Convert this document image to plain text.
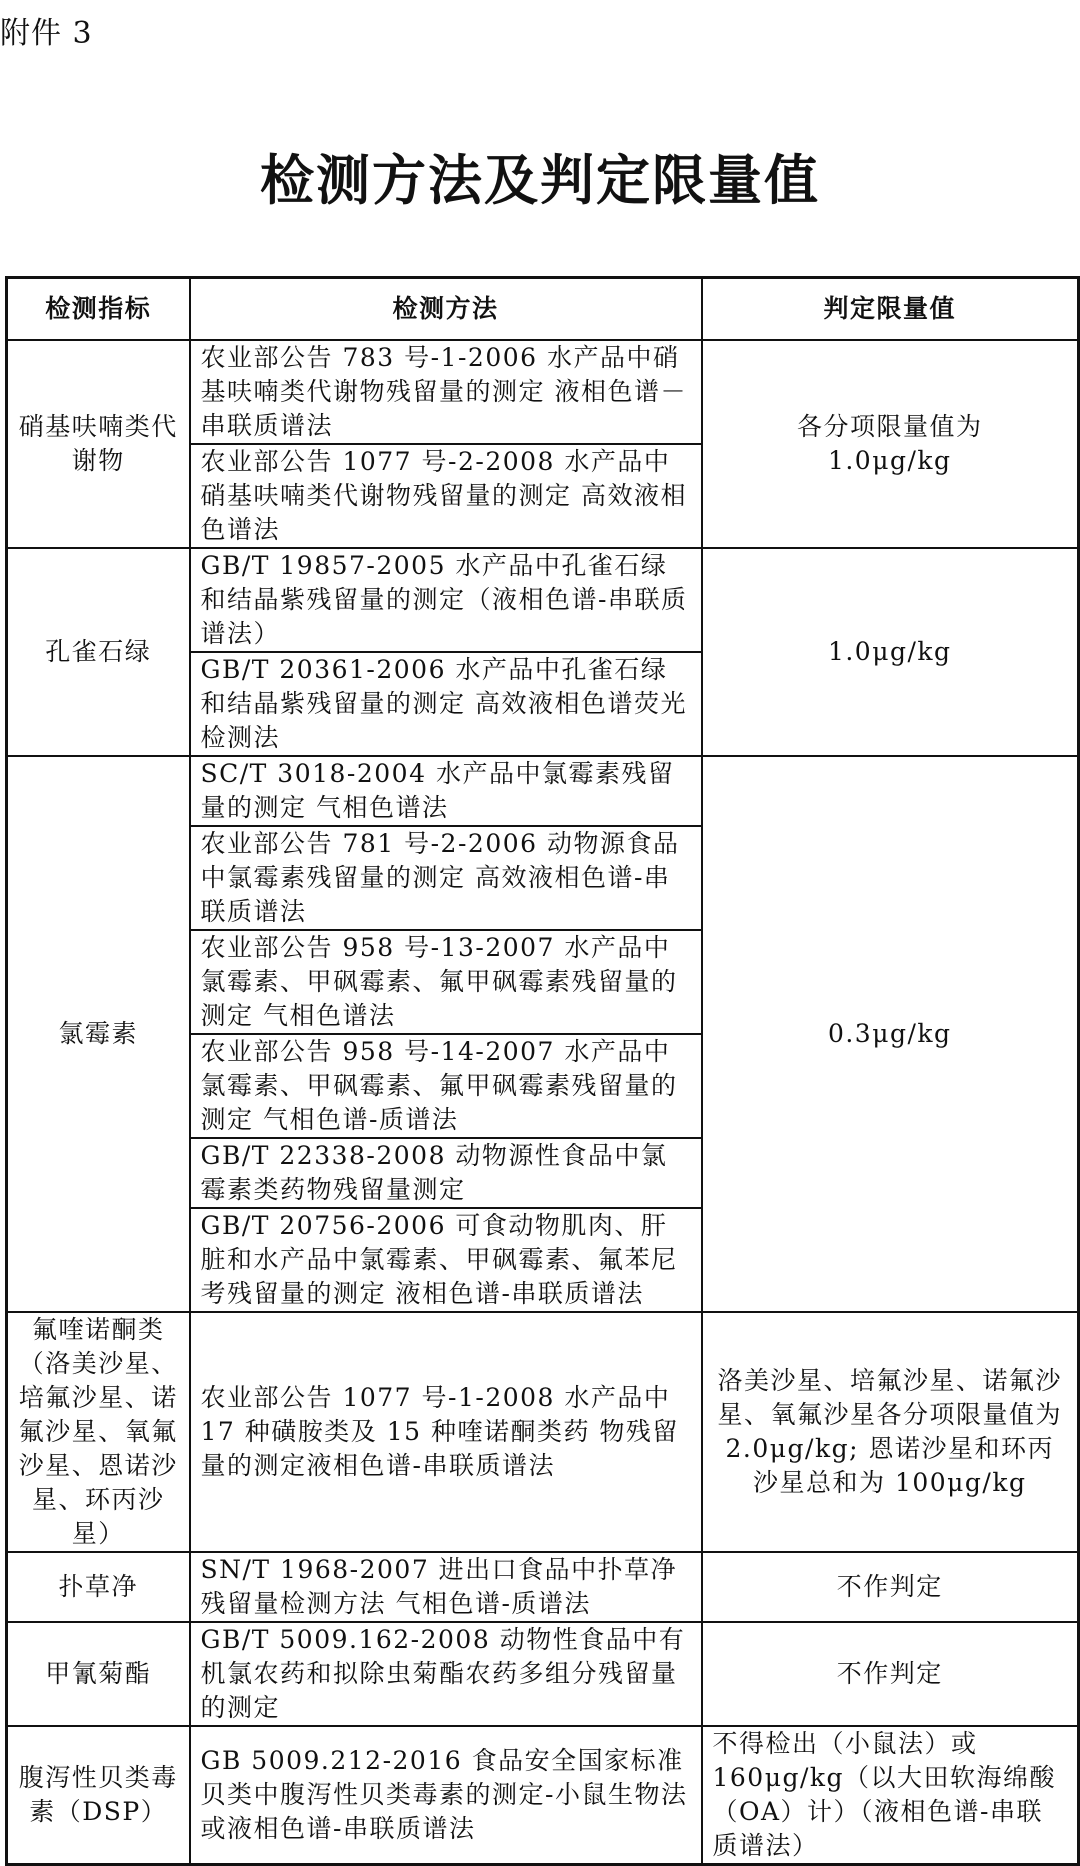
附件 3
检测方法及判定限量值
检测指标	检测方法	判定限量值
硝基呋喃类代谢物	农业部公告 783 号-1-2006 水产品中硝基呋喃类代谢物残留量的测定 液相色谱－串联质谱法	各分项限量值为 1.0μg/kg
	农业部公告 1077 号-2-2008 水产品中硝基呋喃类代谢物残留量的测定 高效液相色谱法	
孔雀石绿	GB/T 19857-2005 水产品中孔雀石绿和结晶紫残留量的测定（液相色谱-串联质谱法）	1.0μg/kg
	GB/T 20361-2006 水产品中孔雀石绿和结晶紫残留量的测定 高效液相色谱荧光检测法	
氯霉素	SC/T 3018-2004 水产品中氯霉素残留量的测定 气相色谱法	0.3μg/kg
	农业部公告 781 号-2-2006 动物源食品中氯霉素残留量的测定 高效液相色谱-串联质谱法	
	农业部公告 958 号-13-2007 水产品中氯霉素、甲砜霉素、氟甲砜霉素残留量的测定 气相色谱法	
	农业部公告 958 号-14-2007 水产品中氯霉素、甲砜霉素、氟甲砜霉素残留量的测定 气相色谱-质谱法	
	GB/T 22338-2008 动物源性食品中氯霉素类药物残留量测定	
	GB/T 20756-2006 可食动物肌肉、肝脏和水产品中氯霉素、甲砜霉素、氟苯尼考残留量的测定 液相色谱-串联质谱法	
氟喹诺酮类（洛美沙星、培氟沙星、诺氟沙星、氧氟沙星、恩诺沙星、环丙沙星）	农业部公告 1077 号-1-2008 水产品中 17 种磺胺类及 15 种喹诺酮类药 物残留量的测定液相色谱-串联质谱法	洛美沙星、培氟沙星、诺氟沙星、氧氟沙星各分项限量值为 2.0μg/kg; 恩诺沙星和环丙沙星总和为 100μg/kg
扑草净	SN/T 1968-2007 进出口食品中扑草净残留量检测方法 气相色谱-质谱法	不作判定
甲氰菊酯	GB/T 5009.162-2008 动物性食品中有机氯农药和拟除虫菊酯农药多组分残留量的测定	不作判定
腹泻性贝类毒素（DSP）	GB 5009.212-2016 食品安全国家标准 贝类中腹泻性贝类毒素的测定-小鼠生物法或液相色谱-串联质谱法	不得检出（小鼠法）或 160μg/kg（以大田软海绵酸（OA）计）（液相色谱-串联质谱法）
